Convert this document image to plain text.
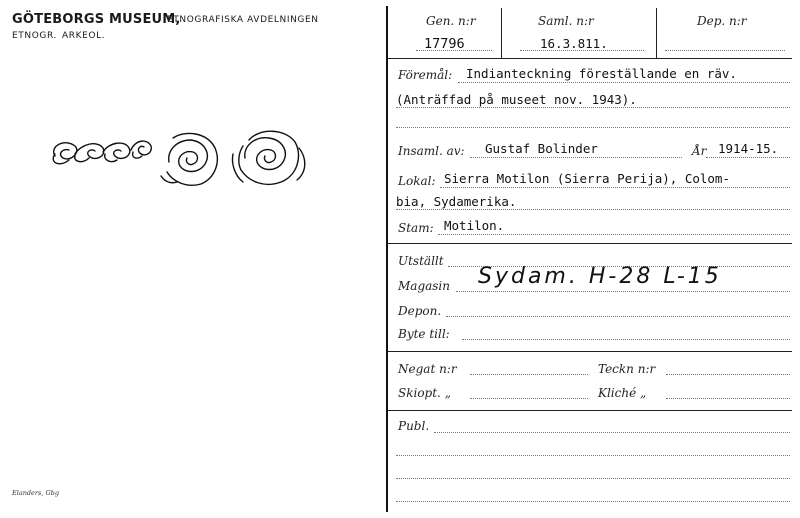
GÖTEBORGS MUSEUM,
ETNOGRAFISKA AVDELNINGEN
ETNOGR. ARKEOL.
Elanders, Gbg
Gen. n:r
17796
Saml. n:r
16.3.811.
Dep. n:r
Föremål: Indianteckning föreställande en räv.
(Anträffad på museet nov. 1943).
Insaml. av: Gustaf Bolinder	År 1914-15.
Lokal: Sierra Motilon (Sierra Perija), Colom-
bia, Sydamerika.
Stam: Motilon.
Utställt
Magasin Sydam. H-28 L-15
Depon.
Byte till:
Negat n:r	Teckn n:r
Skiopt. „	Kliché „
Publ.
